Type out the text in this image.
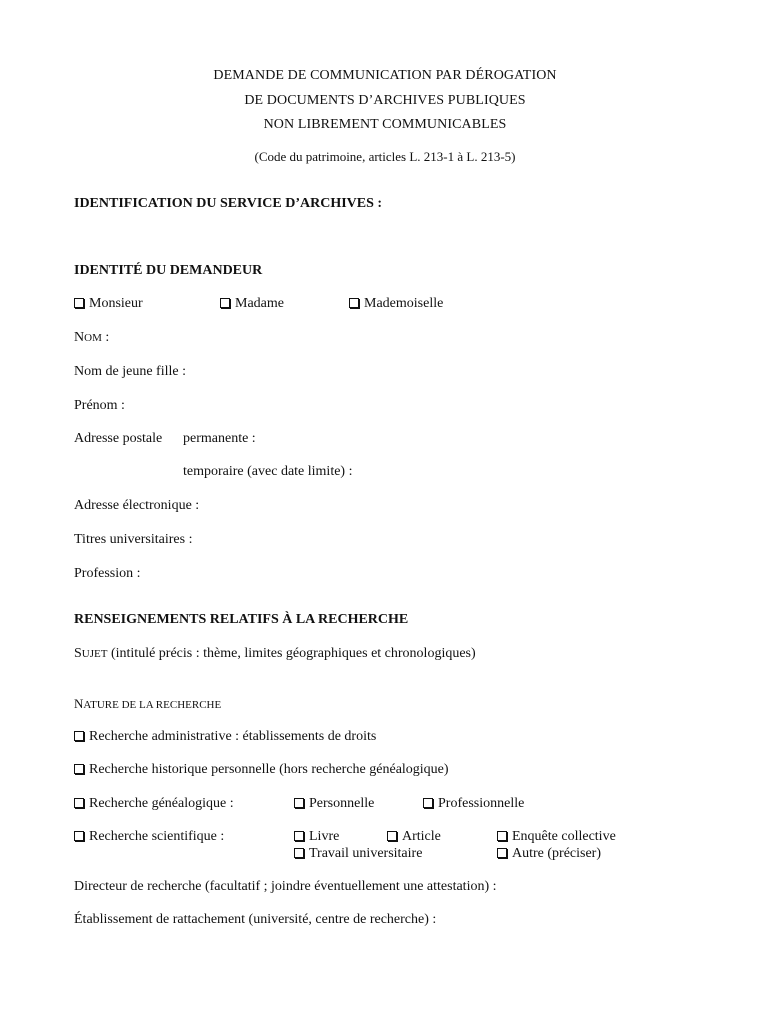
DEMANDE DE COMMUNICATION PAR DÉROGATION
DE DOCUMENTS D’ARCHIVES PUBLIQUES
NON LIBREMENT COMMUNICABLES
(Code du patrimoine, articles L. 213-1 à L. 213-5)
IDENTIFICATION DU SERVICE D’ARCHIVES :
IDENTITÉ DU DEMANDEUR
Monsieur	Madame	Mademoiselle
NOM :
Nom de jeune fille :
Prénom :
Adresse postale permanente :
temporaire (avec date limite) :
Adresse électronique :
Titres universitaires :
Profession :
RENSEIGNEMENTS RELATIFS À LA RECHERCHE
SUJET (intitulé précis : thème, limites géographiques et chronologiques)
NATURE DE LA RECHERCHE
Recherche administrative : établissements de droits
Recherche historique personnelle (hors recherche généalogique)
Recherche généalogique :	Personnelle	Professionnelle
Recherche scientifique :	Livre	Article	Enquête collective
Travail universitaire	Autre (préciser)
Directeur de recherche (facultatif ; joindre éventuellement une attestation) :
Établissement de rattachement (université, centre de recherche) :
